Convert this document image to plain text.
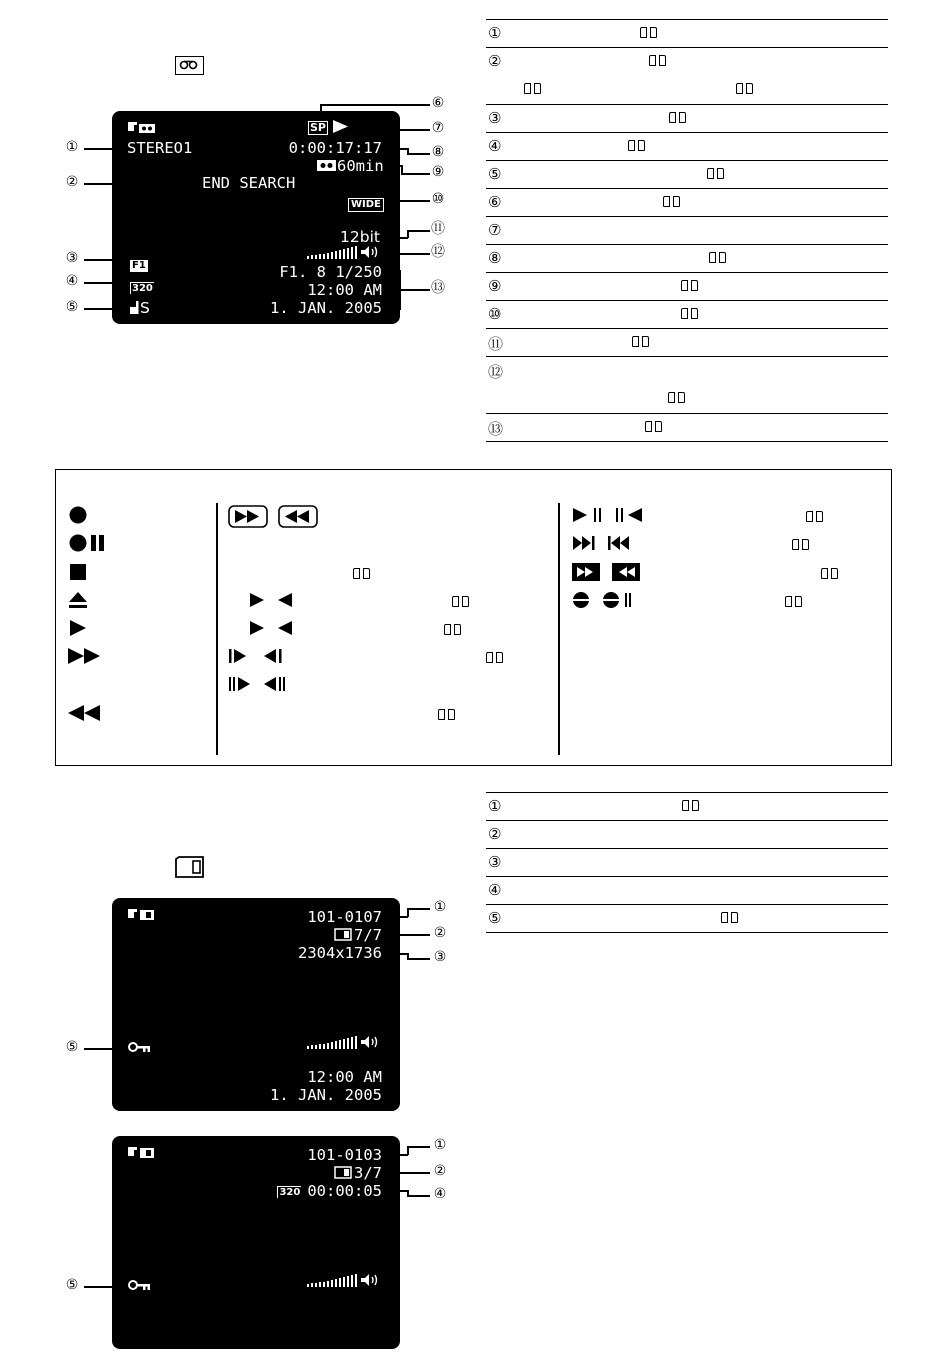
STEREO1
END SEARCH
SP
0:00:17:17
60min
WIDE
12bit
F1. 8 1/250
12:00 AM
1. JAN. 2005
F1
320
S
①
②
③
④
⑤
⑥
⑦
⑧
⑨
⑩
⑪
⑫
⑬
①
②
③
④
⑤
⑥
⑦
⑧
⑨
⑩
⑪
⑫
⑬
101-0107
7/7
2304x1736
12:00 AM
1. JAN. 2005
101-0103
3/7
320 00:00:05
①
②
③
⑤
①
②
④
⑤
①
②
③
④
⑤
